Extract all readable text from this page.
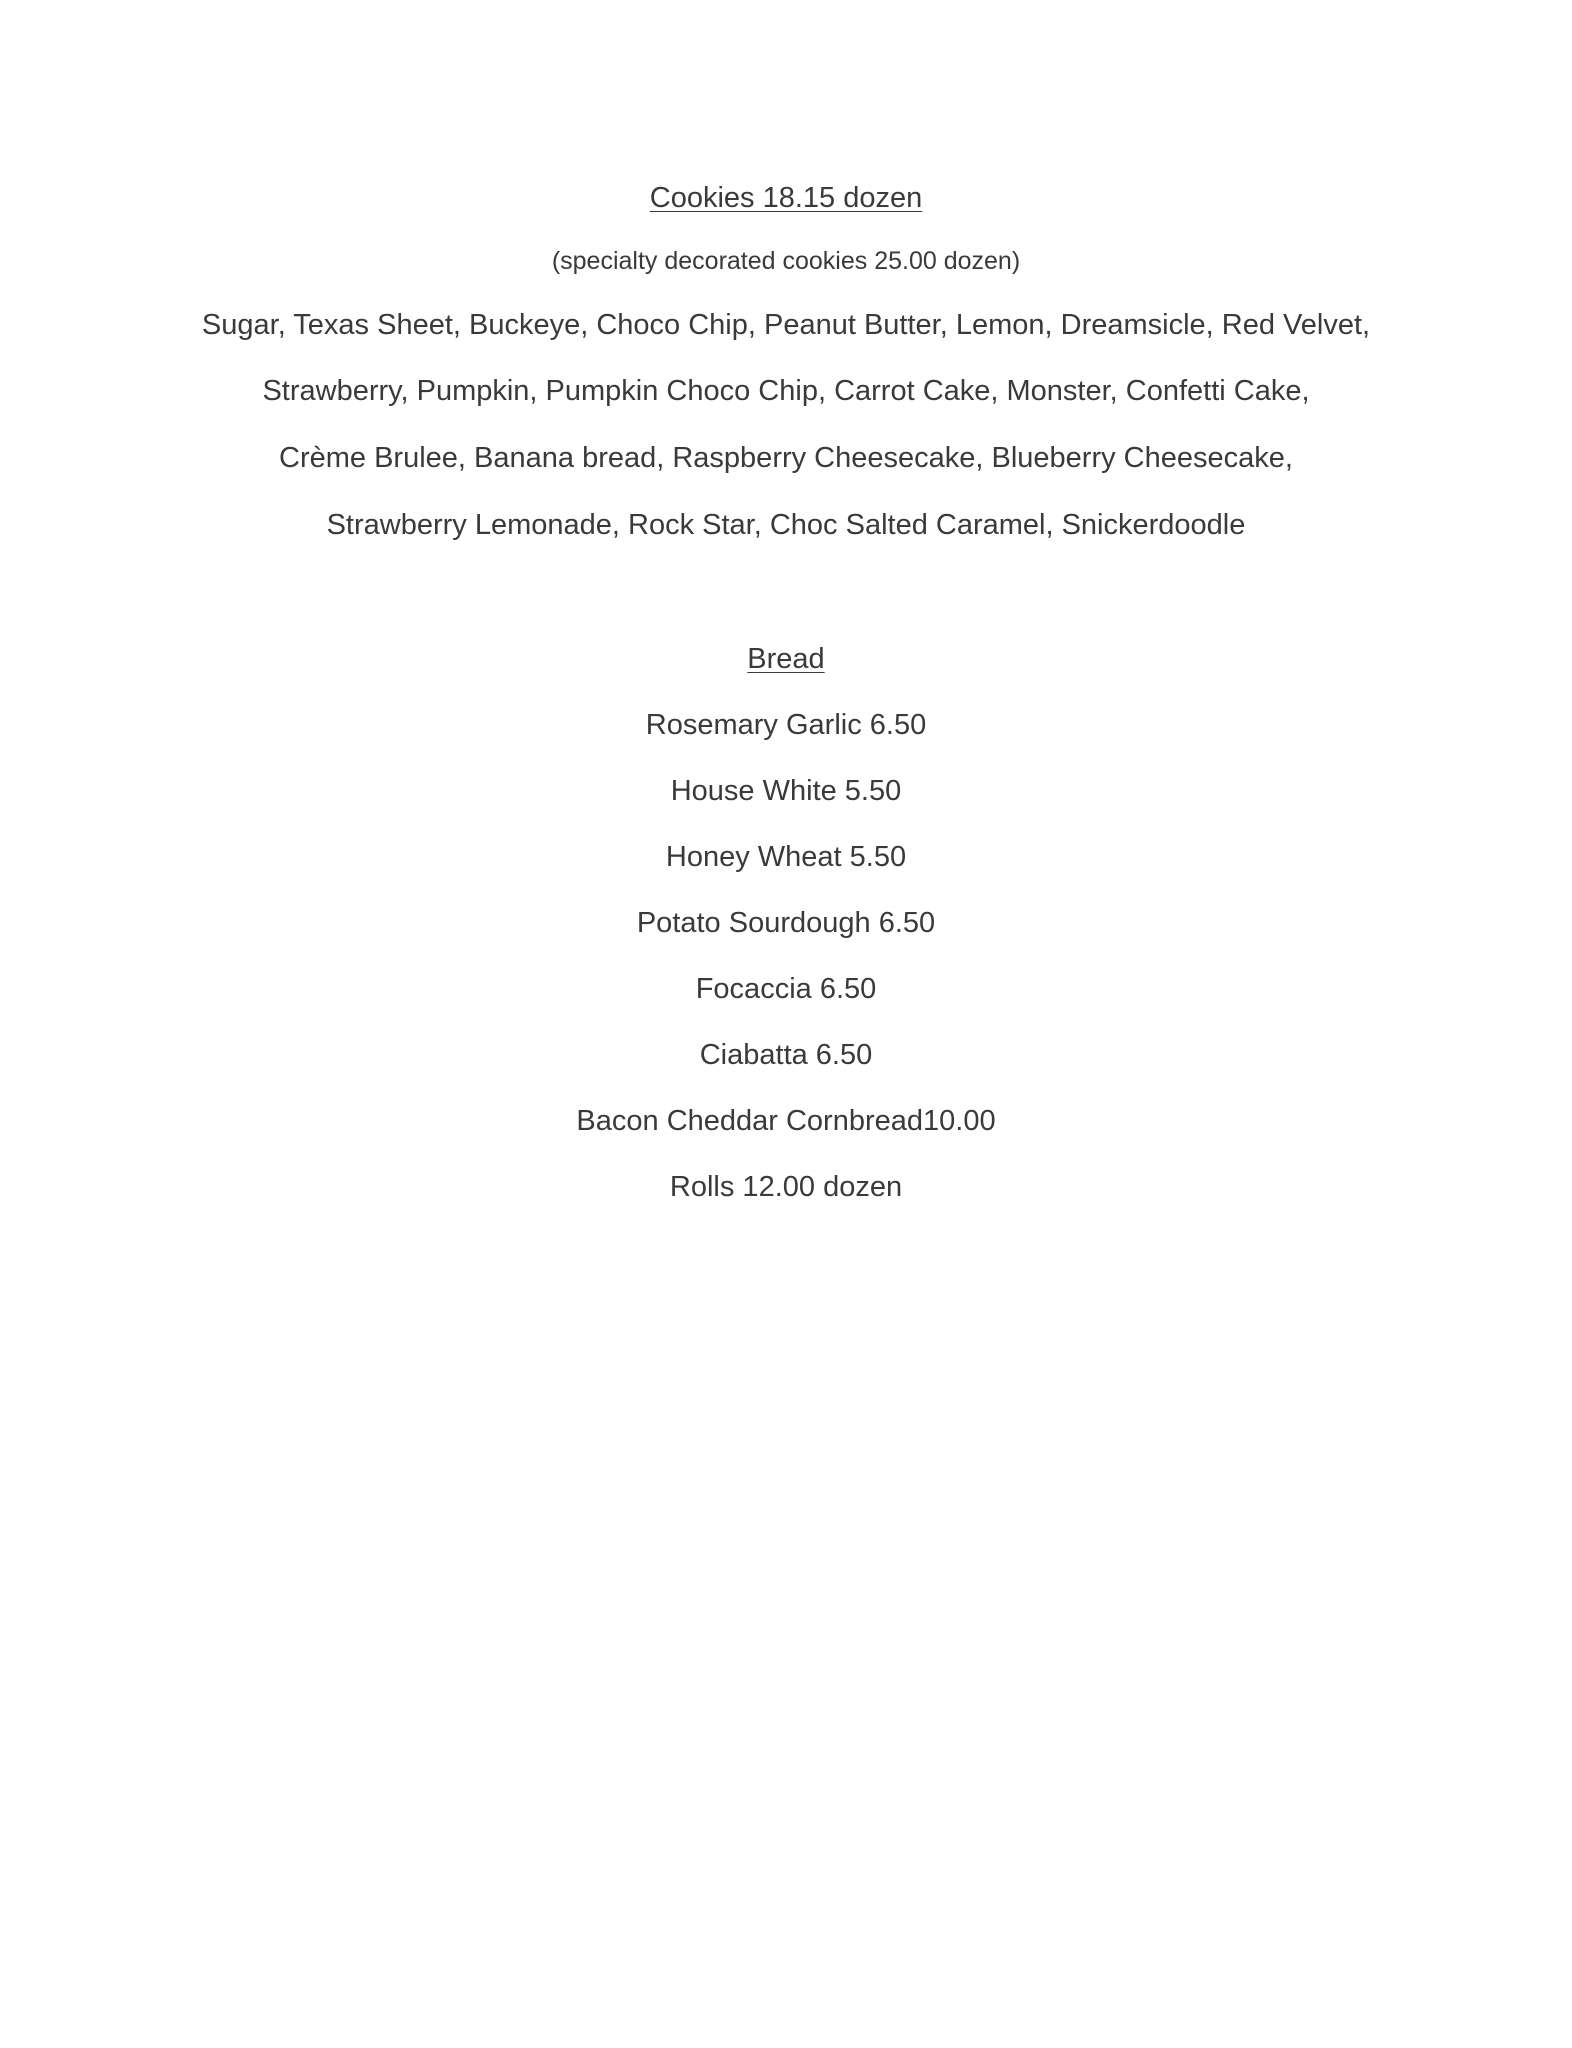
Cookies 18.15 dozen
(specialty decorated cookies 25.00 dozen)
Sugar, Texas Sheet, Buckeye, Choco Chip, Peanut Butter, Lemon, Dreamsicle, Red Velvet,
Strawberry, Pumpkin, Pumpkin Choco Chip, Carrot Cake, Monster, Confetti Cake,
Crème Brulee, Banana bread, Raspberry Cheesecake, Blueberry Cheesecake,
Strawberry Lemonade, Rock Star, Choc Salted Caramel, Snickerdoodle
Bread
Rosemary Garlic 6.50
House White 5.50
Honey Wheat 5.50
Potato Sourdough 6.50
Focaccia 6.50
Ciabatta 6.50
Bacon Cheddar Cornbread10.00
Rolls 12.00 dozen
